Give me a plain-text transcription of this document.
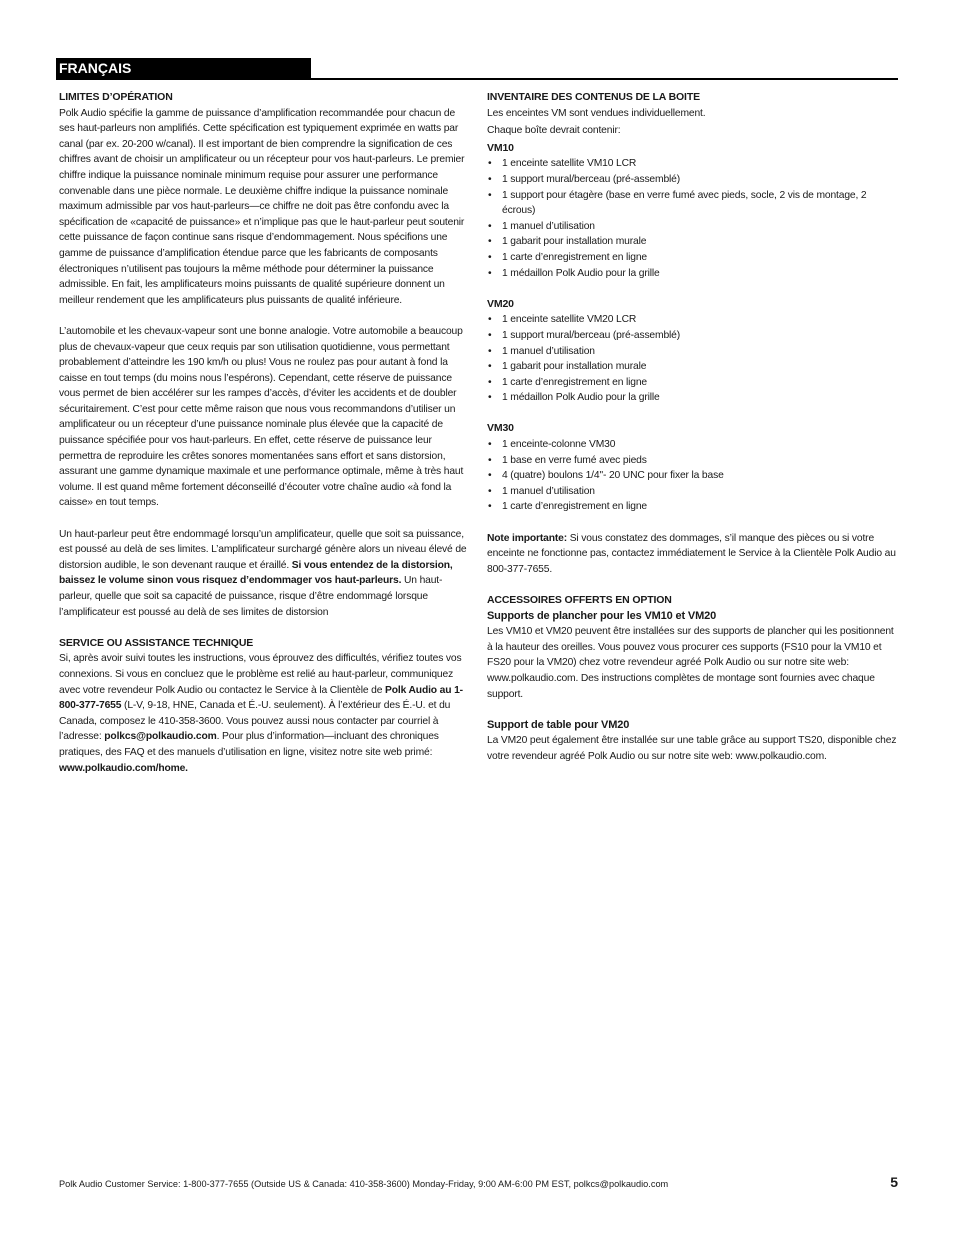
FRANÇAIS

LIMITES D’OPÉRATION

Polk Audio spécifie la gamme de puissance d’amplification recommandée pour chacun de ses haut-parleurs non amplifiés. Cette spécification est typiquement exprimée en watts par canal (par ex. 20-200 w/canal). Il est important de bien comprendre la signification de ces chiffres avant de choisir un amplificateur ou un récepteur pour vos haut-parleurs. Le premier chiffre indique la puissance nominale minimum requise pour assurer une performance convenable dans une pièce normale. Le deuxième chiffre indique la puissance nominale maximum admissible par vos haut-parleurs—ce chiffre ne doit pas être confondu avec la spécification de «capacité de puissance» et n’implique pas que le haut-parleur peut soutenir cette puissance de façon continue sans risque d’endommagement. Nous spécifions une gamme de puissance d’amplification étendue parce que les fabricants de composants électroniques n’utilisent pas toujours la même méthode pour déterminer la puissance admissible. En fait, les amplificateurs moins puissants de qualité supérieure donnent un meilleur rendement que les amplificateurs plus puissants de qualité inférieure.

L’automobile et les chevaux-vapeur sont une bonne analogie. Votre automobile a beaucoup plus de chevaux-vapeur que ceux requis par son utilisation quotidienne, vous permettant probablement d’atteindre les 190 km/h ou plus! Vous ne roulez pas pour autant à fond la caisse en tout temps (du moins nous l’espérons). Cependant, cette réserve de puissance vous permet de bien accélérer sur les rampes d’accès, d’éviter les accidents et de doubler sécuritairement. C’est pour cette même raison que nous vous recommandons d’utiliser un amplificateur ou un récepteur d’une puissance nominale plus élevée que la capacité de puissance spécifiée pour vos haut-parleurs. En effet, cette réserve de puissance leur permettra de reproduire les crêtes sonores momentanées sans effort et sans distorsion, assurant une gamme dynamique maximale et une performance optimale, même à très haut volume. Il est quand même fortement déconseillé d’écouter votre chaîne audio «à fond la caisse» en tout temps.

Un haut-parleur peut être endommagé lorsqu’un amplificateur, quelle que soit sa puissance, est poussé au delà de ses limites. L’amplificateur surchargé génère alors un niveau élevé de distorsion audible, le son devenant rauque et éraillé. Si vous entendez de la distorsion, baissez le volume sinon vous risquez d’endommager vos haut-parleurs. Un haut-parleur, quelle que soit sa capacité de puissance, risque d’être endommagé lorsque l’amplificateur est poussé au delà de ses limites de distorsion

SERVICE OU ASSISTANCE TECHNIQUE

Si, après avoir suivi toutes les instructions, vous éprouvez des difficultés, vérifiez toutes vos connexions. Si vous en concluez que le problème est relié au haut-parleur, communiquez avec votre revendeur Polk Audio ou contactez le Service à la Clientèle de Polk Audio au 1-800-377-7655 (L-V, 9-18, HNE, Canada et É.-U. seulement). À l’extérieur des É.-U. et du Canada, composez le 410-358-3600. Vous pouvez aussi nous contacter par courriel à l’adresse: polkcs@polkaudio.com. Pour plus d’information—incluant des chroniques pratiques, des FAQ et des manuels d’utilisation en ligne, visitez notre site web primé: www.polkaudio.com/home.

INVENTAIRE DES CONTENUS DE LA BOITE

Les enceintes VM sont vendues individuellement.

Chaque boîte devrait contenir:

VM10

• 1 enceinte satellite VM10 LCR
• 1 support mural/berceau (pré-assemblé)
• 1 support pour étagère (base en verre fumé avec pieds, socle, 2 vis de montage, 2 écrous)
• 1 manuel d’utilisation
• 1 gabarit pour installation murale
• 1 carte d’enregistrement en ligne
• 1 médaillon Polk Audio pour la grille

VM20

• 1 enceinte satellite VM20 LCR
• 1 support mural/berceau (pré-assemblé)
• 1 manuel d’utilisation
• 1 gabarit pour installation murale
• 1 carte d’enregistrement en ligne
• 1 médaillon Polk Audio pour la grille

VM30

• 1 enceinte-colonne VM30
• 1 base en verre fumé avec pieds
• 4 (quatre) boulons 1/4"- 20 UNC pour fixer la base
• 1 manuel d’utilisation
• 1 carte d’enregistrement en ligne

Note importante: Si vous constatez des dommages, s’il manque des pièces ou si votre enceinte ne fonctionne pas, contactez immédiatement le Service à la Clientèle Polk Audio au 800-377-7655.

ACCESSOIRES OFFERTS EN OPTION

Supports de plancher pour les VM10 et VM20

Les VM10 et VM20 peuvent être installées sur des supports de plancher qui les positionnent à la hauteur des oreilles. Vous pouvez vous procurer ces supports (FS10 pour la VM10 et FS20 pour la VM20) chez votre revendeur agréé Polk Audio ou sur notre site web: www.polkaudio.com. Des instructions complètes de montage sont fournies avec chaque support.

Support de table pour VM20

La VM20 peut également être installée sur une table grâce au support TS20, disponible chez votre revendeur agréé Polk Audio ou sur notre site web: www.polkaudio.com.

Polk Audio Customer Service: 1-800-377-7655 (Outside US & Canada: 410-358-3600) Monday-Friday, 9:00 AM-6:00 PM EST, polkcs@polkaudio.com	5
